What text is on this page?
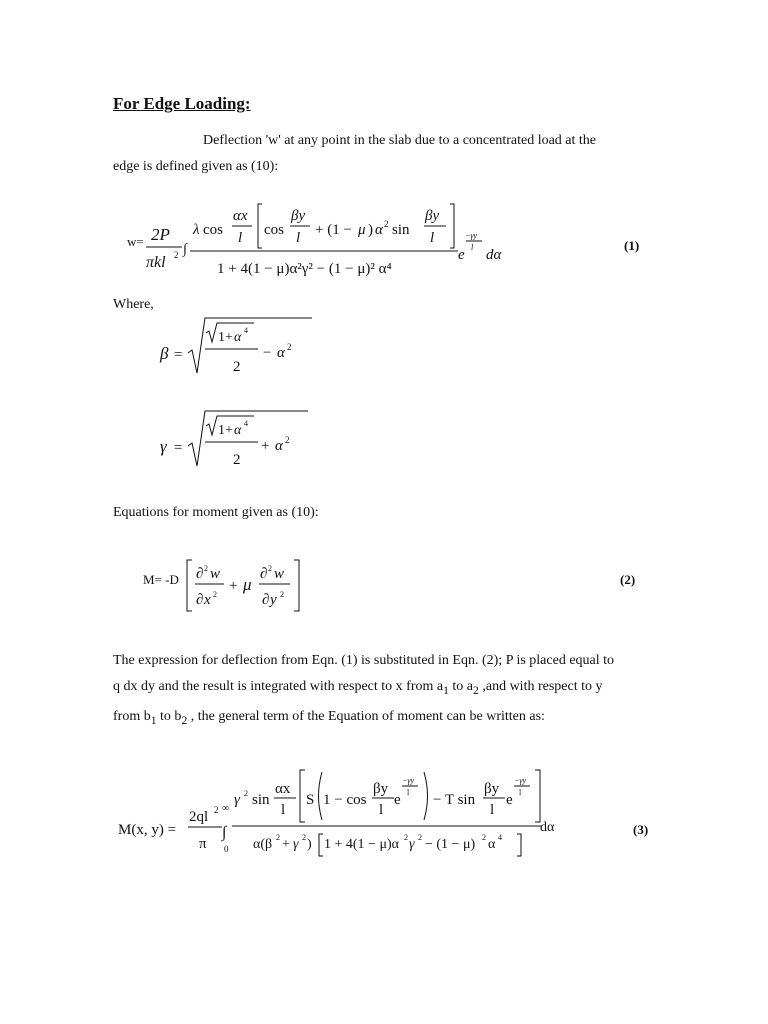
For Edge Loading:
Deflection 'w' at any point in the slab due to a concentrated load at the
edge is defined given as (10):
w= 2P
πkl 2 ∫
λ cos
αx
l cos
βy
l + (1 − μ ) α 2 sin
βy
l
1 + 4(1 − μ)α²γ² − (1 − μ)² α⁴
e
−γy
l dα
(1)
Where,
β =
1+ α 4
2
− α 2
γ =
1+ α 4
2
+ α 2
Equations for moment given as (10):
M= -D ∂ 2 w
∂ x 2
+ μ
∂ 2 w
∂ y 2
(2)
The expression for deflection from Eqn. (1) is substituted in Eqn. (2); P is placed equal to
q dx dy and the result is integrated with respect to x from $a_1$ to $a_2$ ,and with respect to y
from $b_1$ to $b_2$ , the general term of the Equation of moment can be written as:
M(x, y) =
2ql 2
π
∞
∫
0
γ 2 sin
αx
l
S 1 − cos
βy
l
e
−γy
l − T sin
βy
l
e
−γy
l
α(β 2 + γ 2 ) 1 + 4(1 − μ)α 2 γ 2 − (1 − μ) 2 α 4
dα	(3)
